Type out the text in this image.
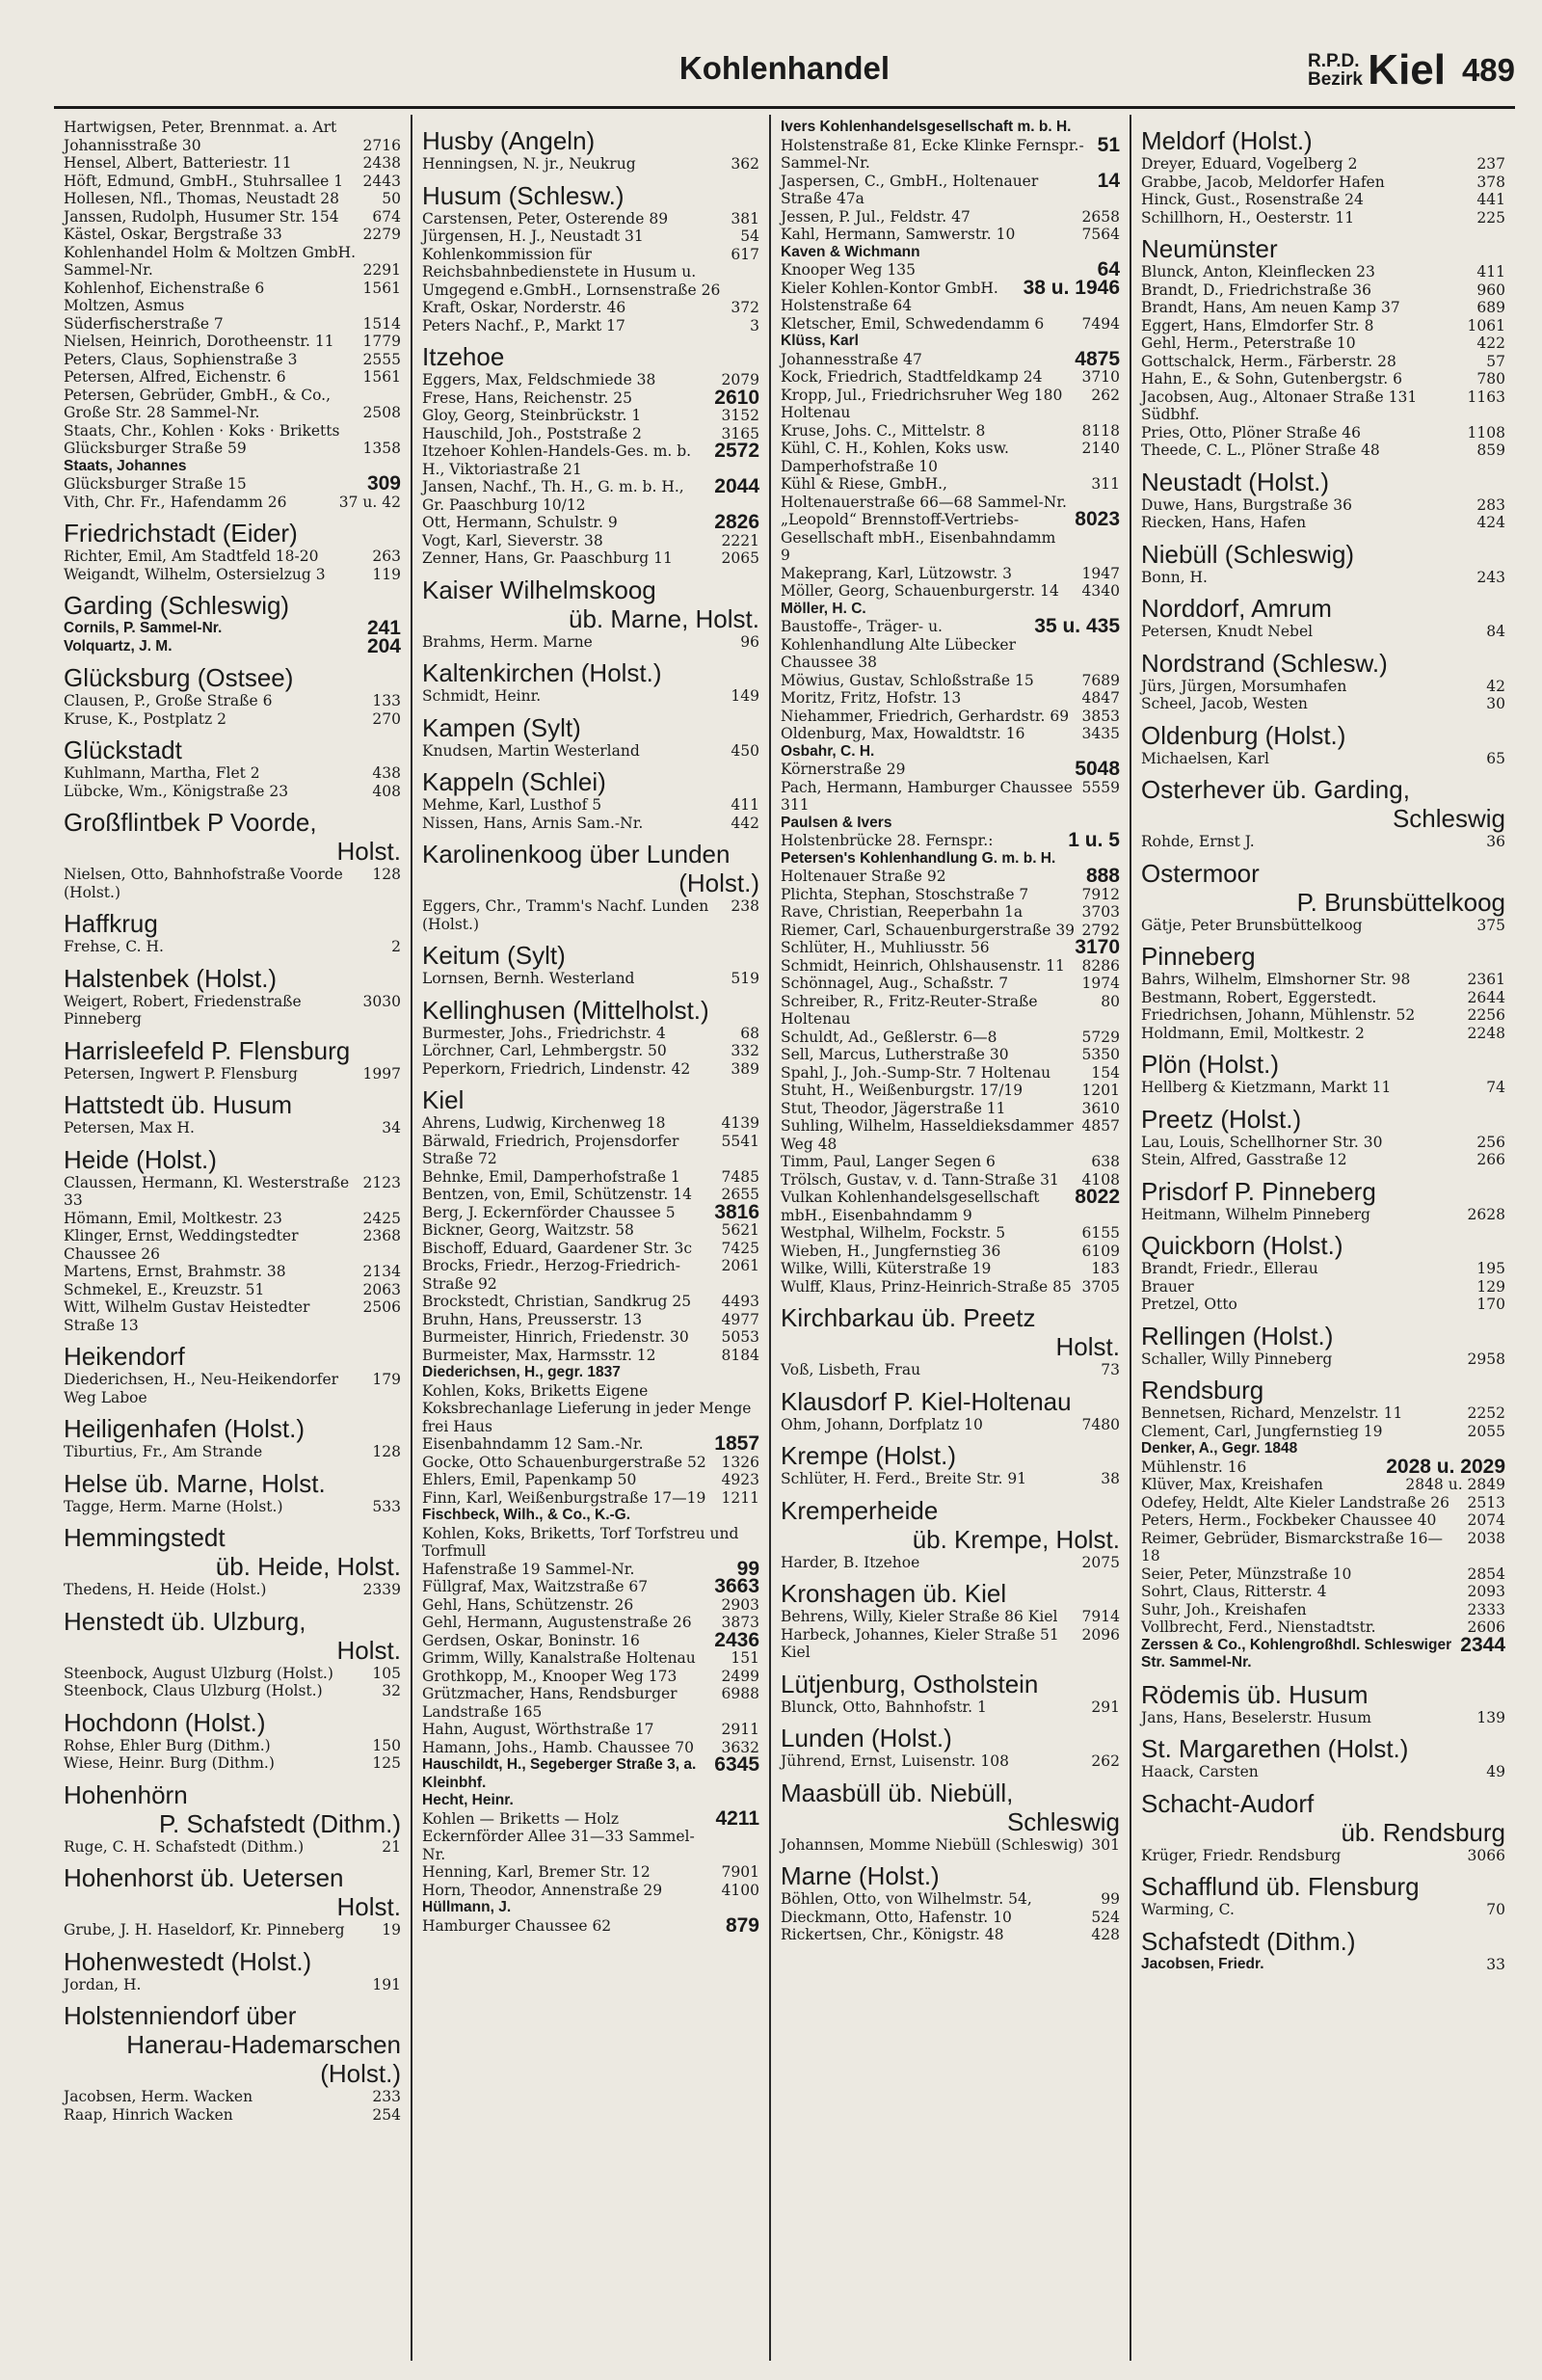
Kohlenhandel	R.P.D.
Bezirk Kiel 489
Hartwigsen, Peter, Brennmat. a. Art
Johannisstraße 30	2716
Hensel, Albert, Batteriestr. 11	2438
Höft, Edmund, GmbH., Stuhrsallee 1	2443
Hollesen, Nfl., Thomas, Neustadt 28	50
Janssen, Rudolph, Husumer Str. 154	674
Kästel, Oskar, Bergstraße 33	2279
Kohlenhandel Holm & Moltzen GmbH.
Sammel-Nr.	2291
Kohlenhof, Eichenstraße 6	1561
Moltzen, Asmus
Süderfischerstraße 7	1514
Nielsen, Heinrich, Dorotheenstr. 11	1779
Peters, Claus, Sophienstraße 3	2555
Petersen, Alfred, Eichenstr. 6	1561
Petersen, Gebrüder, GmbH., & Co.,
Große Str. 28 Sammel-Nr.	2508
Staats, Chr., Kohlen · Koks · Briketts
Glücksburger Straße 59	1358
Staats, Johannes
Glücksburger Straße 15	309
Vith, Chr. Fr., Hafendamm 26	37 u. 42
Friedrichstadt (Eider)
Richter, Emil, Am Stadtfeld 18-20	263
Weigandt, Wilhelm, Ostersielzug 3	119
Garding (Schleswig)
Cornils, P. Sammel-Nr.	241
Volquartz, J. M.	204
Glücksburg (Ostsee)
Clausen, P., Große Straße 6	133
Kruse, K., Postplatz 2	270
Glückstadt
Kuhlmann, Martha, Flet 2	438
Lübcke, Wm., Königstraße 23	408
Großflintbek P Voorde,
Holst.
Nielsen, Otto, Bahnhofstraße Voorde (Holst.)
128
Haffkrug
Frehse, C. H.	2
Halstenbek (Holst.)
Weigert, Robert, Friedenstraße Pinneberg
3030
Harrisleefeld P. Flensburg
Petersen, Ingwert P. Flensburg	1997
Hattstedt üb. Husum
Petersen, Max H.	34
Heide (Holst.)
Claussen, Hermann, Kl. Westerstraße 33
2123
Hömann, Emil, Moltkestr. 23	2425
Klinger, Ernst, Weddingstedter Chaussee 26
2368
Martens, Ernst, Brahmstr. 38	2134
Schmekel, E., Kreuzstr. 51	2063
Witt, Wilhelm Gustav Heistedter Straße 13
2506
Heikendorf
Diederichsen, H., Neu-Heikendorfer Weg Laboe
179
Heiligenhafen (Holst.)
Tiburtius, Fr., Am Strande	128
Helse üb. Marne, Holst.
Tagge, Herm. Marne (Holst.)	533
Hemmingstedt
üb. Heide, Holst.
Thedens, H. Heide (Holst.)	2339
Henstedt üb. Ulzburg,
Holst.
Steenbock, August Ulzburg (Holst.)	105
Steenbock, Claus Ulzburg (Holst.)	32
Hochdonn (Holst.)
Rohse, Ehler Burg (Dithm.)	150
Wiese, Heinr. Burg (Dithm.)	125
Hohenhörn
P. Schafstedt (Dithm.)
Ruge, C. H. Schafstedt (Dithm.)	21
Hohenhorst üb. Uetersen
Holst.
Grube, J. H. Haseldorf, Kr. Pinneberg	19
Hohenwestedt (Holst.)
Jordan, H.	191
Holstenniendorf über
Hanerau-Hademarschen (Holst.)
Jacobsen, Herm. Wacken	233
Raap, Hinrich Wacken	254
Husby (Angeln)
Henningsen, N. jr., Neukrug	362
Husum (Schlesw.)
Carstensen, Peter, Osterende 89	381
Jürgensen, H. J., Neustadt 31	54
Kohlenkommission für Reichsbahnbedienstete in Husum u. Umgegend e.GmbH., Lornsenstraße 26
617
Kraft, Oskar, Norderstr. 46	372
Peters Nachf., P., Markt 17	3
Itzehoe
Eggers, Max, Feldschmiede 38	2079
Frese, Hans, Reichenstr. 25	2610
Gloy, Georg, Steinbrückstr. 1	3152
Hauschild, Joh., Poststraße 2	3165
Itzehoer Kohlen-Handels-Ges. m. b. H., Viktoriastraße 21
2572
Jansen, Nachf., Th. H., G. m. b. H., Gr. Paaschburg 10/12
2044
Ott, Hermann, Schulstr. 9	2826
Vogt, Karl, Sieverstr. 38	2221
Zenner, Hans, Gr. Paaschburg 11	2065
Kaiser Wilhelmskoog
üb. Marne, Holst.
Brahms, Herm. Marne	96
Kaltenkirchen (Holst.)
Schmidt, Heinr.	149
Kampen (Sylt)
Knudsen, Martin Westerland	450
Kappeln (Schlei)
Mehme, Karl, Lusthof 5	411
Nissen, Hans, Arnis Sam.-Nr.	442
Karolinenkoog über Lunden
(Holst.)
Eggers, Chr., Tramm's Nachf. Lunden (Holst.)
238
Keitum (Sylt)
Lornsen, Bernh. Westerland	519
Kellinghusen (Mittelholst.)
Burmester, Johs., Friedrichstr. 4	68
Lörchner, Carl, Lehmbergstr. 50	332
Peperkorn, Friedrich, Lindenstr. 42	389
Kiel
Ahrens, Ludwig, Kirchenweg 18	4139
Bärwald, Friedrich, Projensdorfer Straße 72
5541
Behnke, Emil, Damperhofstraße 1	7485
Bentzen, von, Emil, Schützenstr. 14	2655
Berg, J. Eckernförder Chaussee 5	3816
Bickner, Georg, Waitzstr. 58	5621
Bischoff, Eduard, Gaardener Str. 3c	7425
Brocks, Friedr., Herzog-Friedrich-Straße 92
2061
Brockstedt, Christian, Sandkrug 25	4493
Bruhn, Hans, Preusserstr. 13	4977
Burmeister, Hinrich, Friedenstr. 30	5053
Burmeister, Max, Harmsstr. 12	8184
Diederichsen, H., gegr. 1837
Kohlen, Koks, Briketts Eigene Koksbrechanlage Lieferung in jeder Menge frei Haus
Eisenbahndamm 12 Sam.-Nr.	1857
Gocke, Otto Schauenburgerstraße 52	1326
Ehlers, Emil, Papenkamp 50	4923
Finn, Karl, Weißenburgstraße 17—19	1211
Fischbeck, Wilh., & Co., K.-G.
Kohlen, Koks, Briketts, Torf Torfstreu und Torfmull
Hafenstraße 19 Sammel-Nr.	99
Füllgraf, Max, Waitzstraße 67	3663
Gehl, Hans, Schützenstr. 26	2903
Gehl, Hermann, Augustenstraße 26	3873
Gerdsen, Oskar, Boninstr. 16	2436
Grimm, Willy, Kanalstraße Holtenau	151
Grothkopp, M., Knooper Weg 173	2499
Grützmacher, Hans, Rendsburger Landstraße 165
6988
Hahn, August, Wörthstraße 17	2911
Hamann, Johs., Hamb. Chaussee 70	3632
Hauschildt, H., Segeberger Straße 3, a. Kleinbhf.
6345
Hecht, Heinr.
Kohlen — Briketts — Holz Eckernförder Allee 31—33 Sammel-Nr.
4211
Henning, Karl, Bremer Str. 12	7901
Horn, Theodor, Annenstraße 29	4100
Hüllmann, J.
Hamburger Chaussee 62	879
Ivers Kohlenhandelsgesellschaft m. b. H.
Holstenstraße 81, Ecke Klinke Fernspr.-Sammel-Nr.
51
Jaspersen, C., GmbH., Holtenauer Straße 47a
14
Jessen, P. Jul., Feldstr. 47	2658
Kahl, Hermann, Samwerstr. 10	7564
Kaven & Wichmann
Knooper Weg 135	64
Kieler Kohlen-Kontor GmbH. Holstenstraße 64
38 u. 1946
Kletscher, Emil, Schwedendamm 6	7494
Klüss, Karl
Johannesstraße 47	4875
Kock, Friedrich, Stadtfeldkamp 24	3710
Kropp, Jul., Friedrichsruher Weg 180 Holtenau
262
Kruse, Johs. C., Mittelstr. 8	8118
Kühl, C. H., Kohlen, Koks usw. Damperhofstraße 10
2140
Kühl & Riese, GmbH., Holtenauerstraße 66—68 Sammel-Nr.
311
„Leopold“ Brennstoff-Vertriebs-Gesellschaft mbH., Eisenbahndamm 9
8023
Makeprang, Karl, Lützowstr. 3	1947
Möller, Georg, Schauenburgerstr. 14	4340
Möller, H. C.
Baustoffe-, Träger- u. Kohlenhandlung Alte Lübecker Chaussee 38
35 u. 435
Möwius, Gustav, Schloßstraße 15	7689
Moritz, Fritz, Hofstr. 13	4847
Niehammer, Friedrich, Gerhardstr. 69 3853
Oldenburg, Max, Howaldtstr. 16	3435
Osbahr, C. H.
Körnerstraße 29	5048
Pach, Hermann, Hamburger Chaussee 311
5559
Paulsen & Ivers
Holstenbrücke 28. Fernspr.:	1 u. 5
Petersen's Kohlenhandlung G. m. b. H.
Holtenauer Straße 92	888
Plichta, Stephan, Stoschstraße 7	7912
Rave, Christian, Reeperbahn 1a	3703
Riemer, Carl, Schauenburgerstraße 39 2792
Schlüter, H., Muhliusstr. 56	3170
Schmidt, Heinrich, Ohlshausenstr. 11	8286
Schönnagel, Aug., Schaßstr. 7	1974
Schreiber, R., Fritz-Reuter-Straße Holtenau
80
Schuldt, Ad., Geßlerstr. 6—8	5729
Sell, Marcus, Lutherstraße 30	5350
Spahl, J., Joh.-Sump-Str. 7 Holtenau	154
Stuht, H., Weißenburgstr. 17/19	1201
Stut, Theodor, Jägerstraße 11	3610
Suhling, Wilhelm, Hasseldieksdammer Weg 48
4857
Timm, Paul, Langer Segen 6	638
Trölsch, Gustav, v. d. Tann-Straße 31	4108
Vulkan Kohlenhandelsgesellschaft mbH., Eisenbahndamm 9
8022
Westphal, Wilhelm, Fockstr. 5	6155
Wieben, H., Jungfernstieg 36	6109
Wilke, Willi, Küterstraße 19	183
Wulff, Klaus, Prinz-Heinrich-Straße 85 3705
Kirchbarkau üb. Preetz
Holst.
Voß, Lisbeth, Frau	73
Klausdorf P. Kiel-Holtenau
Ohm, Johann, Dorfplatz 10	7480
Krempe (Holst.)
Schlüter, H. Ferd., Breite Str. 91	38
Kremperheide
üb. Krempe, Holst.
Harder, B. Itzehoe	2075
Kronshagen üb. Kiel
Behrens, Willy, Kieler Straße 86 Kiel	7914
Harbeck, Johannes, Kieler Straße 51 Kiel
2096
Lütjenburg, Ostholstein
Blunck, Otto, Bahnhofstr. 1	291
Lunden (Holst.)
Jührend, Ernst, Luisenstr. 108	262
Maasbüll üb. Niebüll,
Schleswig
Johannsen, Momme Niebüll (Schleswig) 301
Marne (Holst.)
Böhlen, Otto, von Wilhelmstr. 54,	99
Dieckmann, Otto, Hafenstr. 10	524
Rickertsen, Chr., Königstr. 48	428
Meldorf (Holst.)
Dreyer, Eduard, Vogelberg 2	237
Grabbe, Jacob, Meldorfer Hafen	378
Hinck, Gust., Rosenstraße 24	441
Schillhorn, H., Oesterstr. 11	225
Neumünster
Blunck, Anton, Kleinflecken 23	411
Brandt, D., Friedrichstraße 36	960
Brandt, Hans, Am neuen Kamp 37	689
Eggert, Hans, Elmdorfer Str. 8	1061
Gehl, Herm., Peterstraße 10	422
Gottschalck, Herm., Färberstr. 28	57
Hahn, E., & Sohn, Gutenbergstr. 6	780
Jacobsen, Aug., Altonaer Straße 131 Südbhf.
1163
Pries, Otto, Plöner Straße 46	1108
Theede, C. L., Plöner Straße 48	859
Neustadt (Holst.)
Duwe, Hans, Burgstraße 36	283
Riecken, Hans, Hafen	424
Niebüll (Schleswig)
Bonn, H.	243
Norddorf, Amrum
Petersen, Knudt Nebel	84
Nordstrand (Schlesw.)
Jürs, Jürgen, Morsumhafen	42
Scheel, Jacob, Westen	30
Oldenburg (Holst.)
Michaelsen, Karl	65
Osterhever üb. Garding,
Schleswig
Rohde, Ernst J.	36
Ostermoor
P. Brunsbüttelkoog
Gätje, Peter Brunsbüttelkoog	375
Pinneberg
Bahrs, Wilhelm, Elmshorner Str. 98	2361
Bestmann, Robert, Eggerstedt.	2644
Friedrichsen, Johann, Mühlenstr. 52	2256
Holdmann, Emil, Moltkestr. 2	2248
Plön (Holst.)
Hellberg & Kietzmann, Markt 11	74
Preetz (Holst.)
Lau, Louis, Schellhorner Str. 30	256
Stein, Alfred, Gasstraße 12	266
Prisdorf P. Pinneberg
Heitmann, Wilhelm Pinneberg	2628
Quickborn (Holst.)
Brandt, Friedr., Ellerau	195
Brauer	129
Pretzel, Otto	170
Rellingen (Holst.)
Schaller, Willy Pinneberg	2958
Rendsburg
Bennetsen, Richard, Menzelstr. 11	2252
Clement, Carl, Jungfernstieg 19	2055
Denker, A., Gegr. 1848
Mühlenstr. 16	2028 u. 2029
Klüver, Max, Kreishafen	2848 u. 2849
Odefey, Heldt, Alte Kieler Landstraße 26	2513
Peters, Herm., Fockbeker Chaussee 40	2074
Reimer, Gebrüder, Bismarckstraße 16—18
2038
Seier, Peter, Münzstraße 10	2854
Sohrt, Claus, Ritterstr. 4	2093
Suhr, Joh., Kreishafen	2333
Vollbrecht, Ferd., Nienstadtstr.	2606
Zerssen & Co., Kohlengroßhdl. Schleswiger Str. Sammel-Nr.
2344
Rödemis üb. Husum
Jans, Hans, Beselerstr. Husum	139
St. Margarethen (Holst.)
Haack, Carsten	49
Schacht-Audorf
üb. Rendsburg
Krüger, Friedr. Rendsburg	3066
Schafflund üb. Flensburg
Warming, C.	70
Schafstedt (Dithm.)
Jacobsen, Friedr.	33
